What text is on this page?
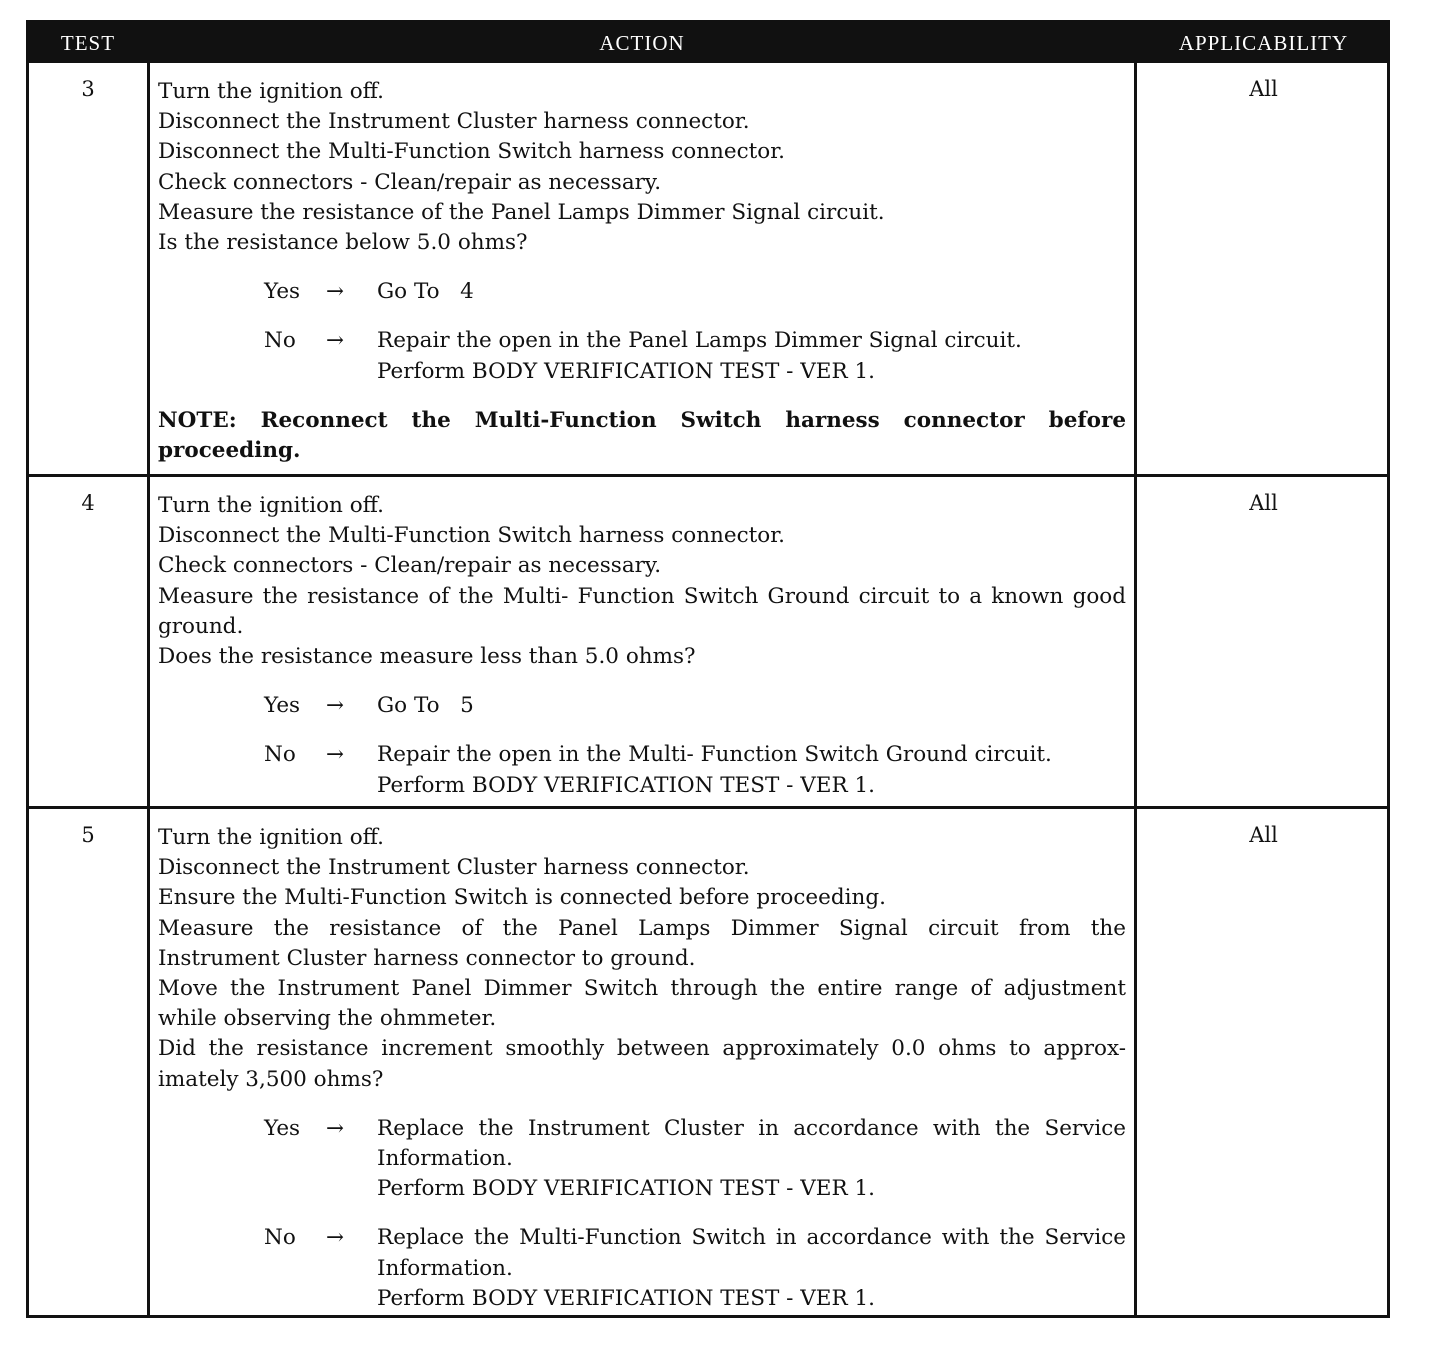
TEST	ACTION	APPLICABILITY
3	Turn the ignition off.
Disconnect the Instrument Cluster harness connector.
Disconnect the Multi-Function Switch harness connector.
Check connectors - Clean/repair as necessary.
Measure the resistance of the Panel Lamps Dimmer Signal circuit.
Is the resistance below 5.0 ohms?
Yes → Go To   4
No → Repair the open in the Panel Lamps Dimmer Signal circuit.
Perform BODY VERIFICATION TEST - VER 1.
NOTE: Reconnect the Multi-Function Switch harness connector before
proceeding.
All
4	Turn the ignition off.
Disconnect the Multi-Function Switch harness connector.
Check connectors - Clean/repair as necessary.
Measure the resistance of the Multi- Function Switch Ground circuit to a known good
ground.
Does the resistance measure less than 5.0 ohms?
Yes → Go To   5
No → Repair the open in the Multi- Function Switch Ground circuit.
Perform BODY VERIFICATION TEST - VER 1.
All
5	Turn the ignition off.
Disconnect the Instrument Cluster harness connector.
Ensure the Multi-Function Switch is connected before proceeding.
Measure the resistance of the Panel Lamps Dimmer Signal circuit from the
Instrument Cluster harness connector to ground.
Move the Instrument Panel Dimmer Switch through the entire range of adjustment
while observing the ohmmeter.
Did the resistance increment smoothly between approximately 0.0 ohms to approx-
imately 3,500 ohms?
Yes → Replace the Instrument Cluster in accordance with the Service
Information.
Perform BODY VERIFICATION TEST - VER 1.
No → Replace the Multi-Function Switch in accordance with the Service
Information.
Perform BODY VERIFICATION TEST - VER 1.
All
